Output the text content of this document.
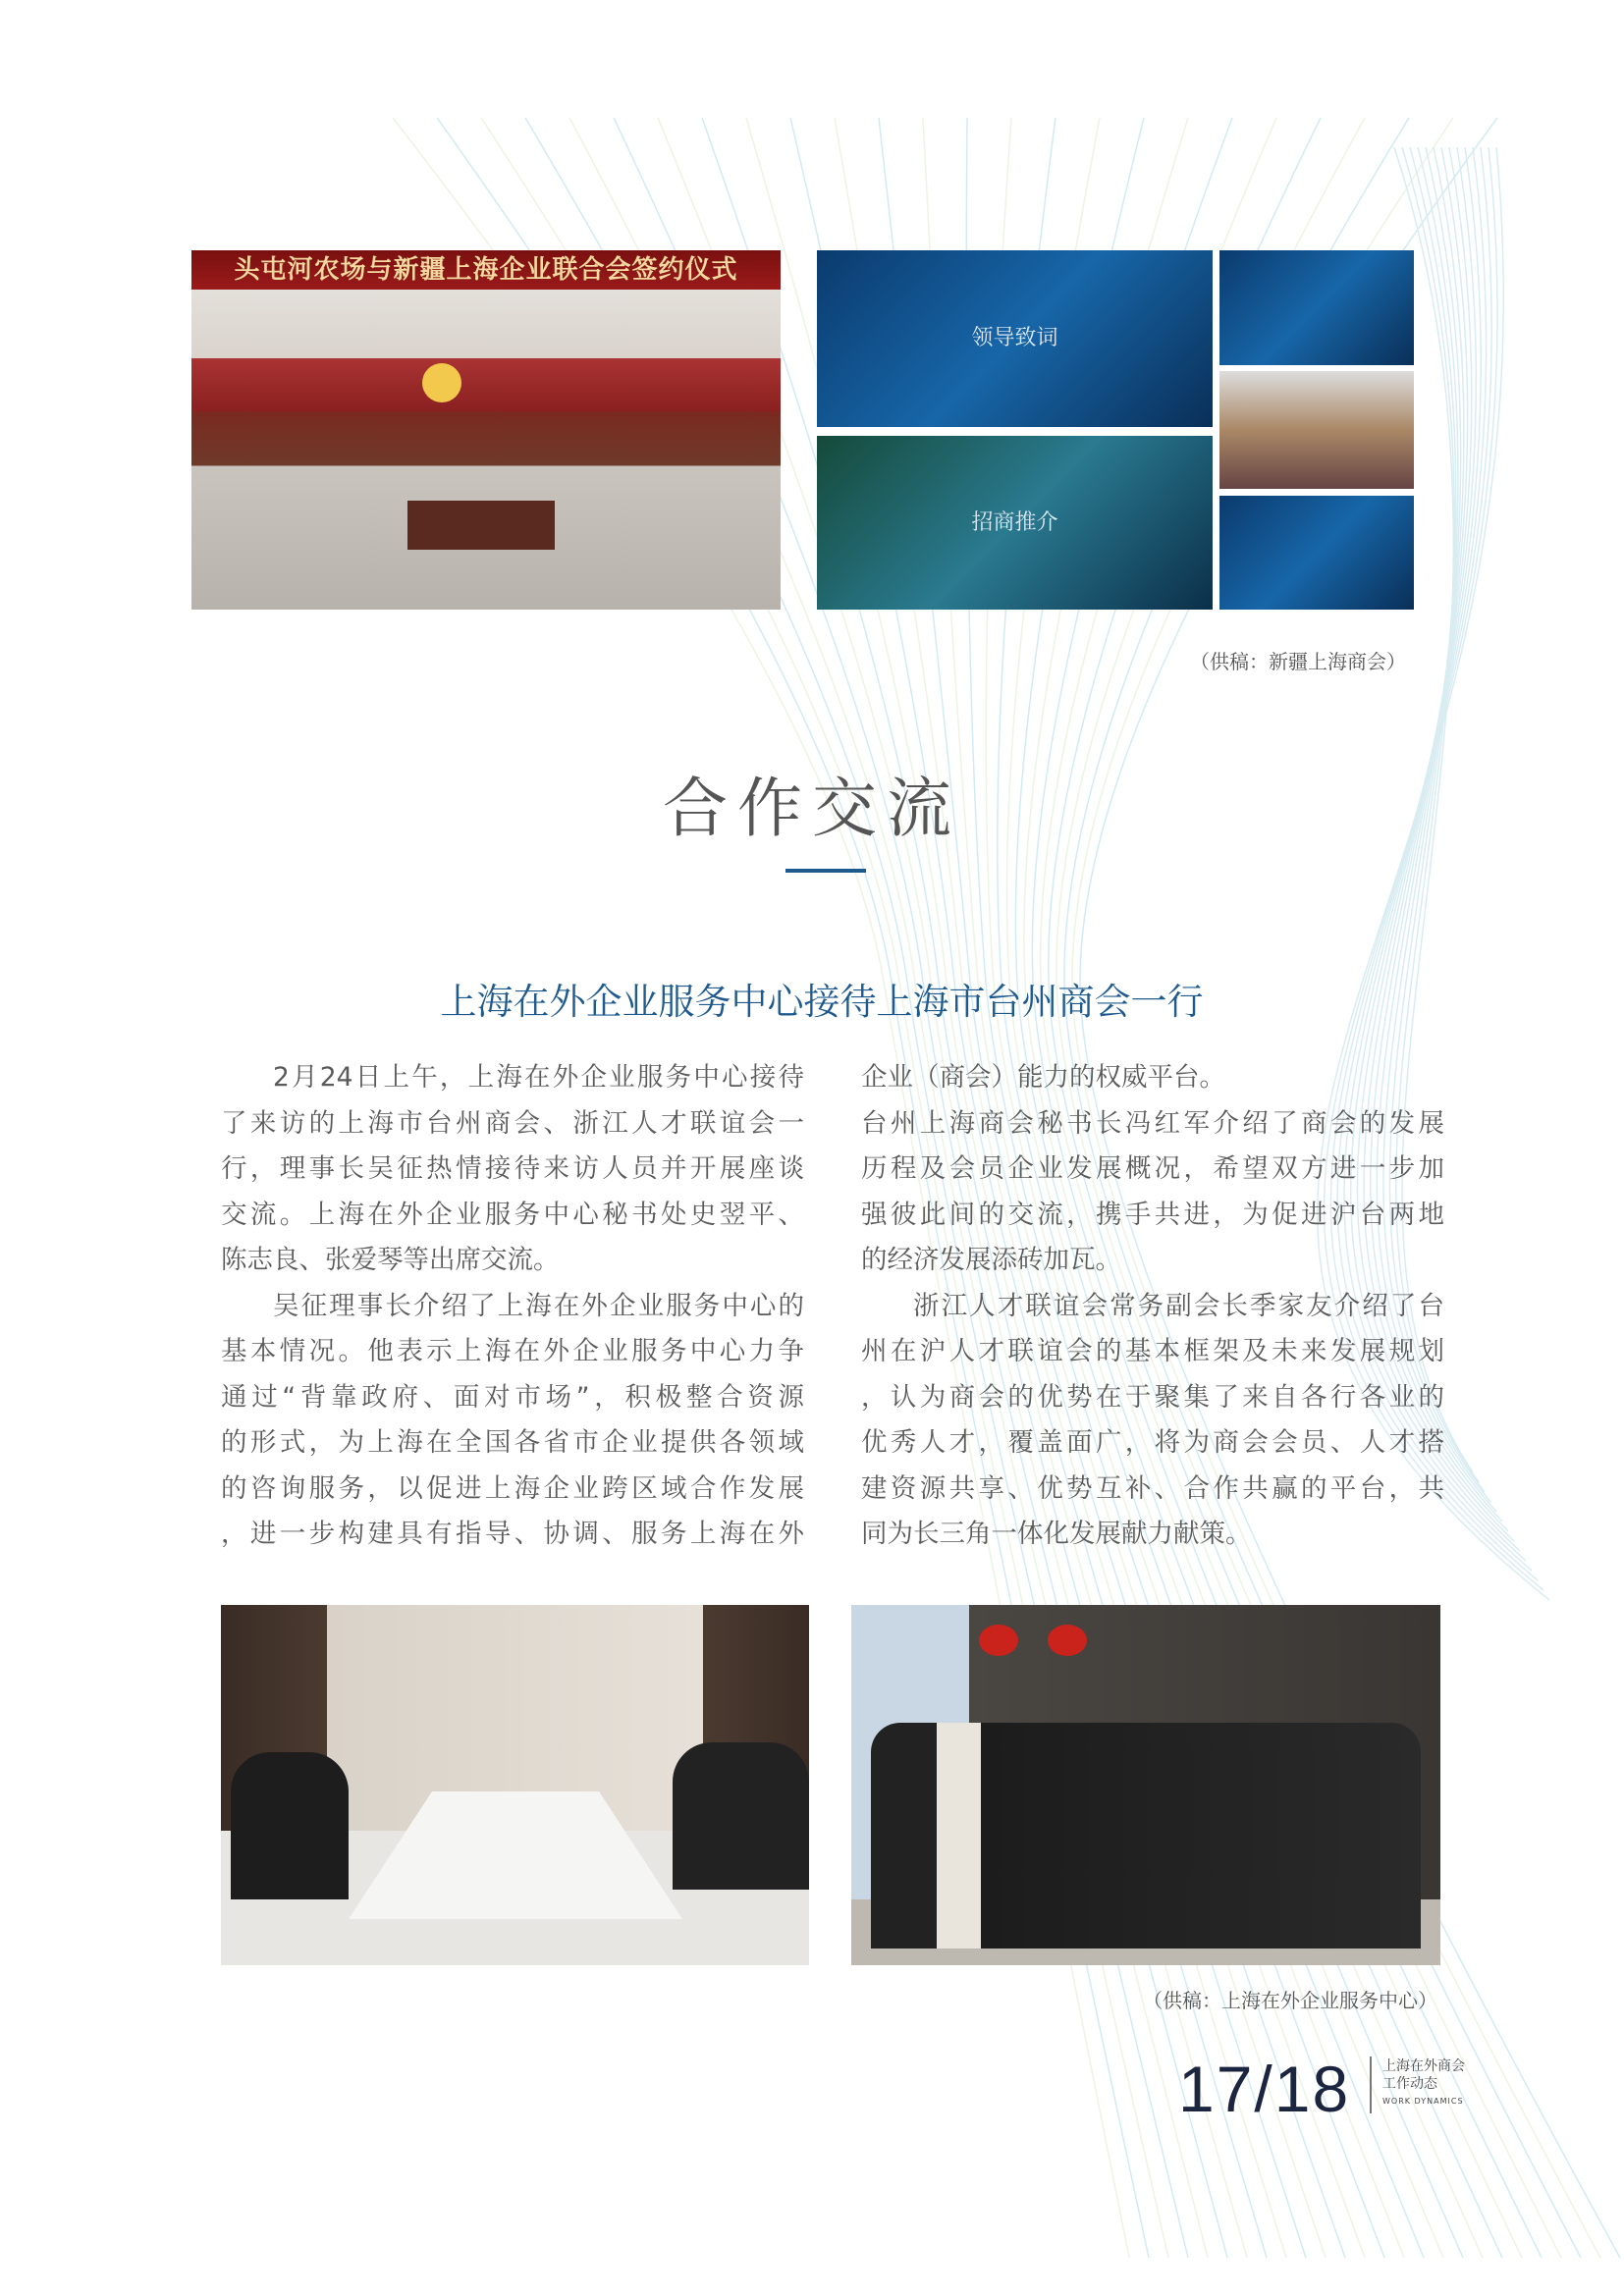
头屯河农场与新疆上海企业联合会签约仪式
领导致词
招商推介
（供稿：新疆上海商会）
合作交流
上海在外企业服务中心接待上海市台州商会一行
2月24日上午，上海在外企业服务中心接待
了来访的上海市台州商会、浙江人才联谊会一
行，理事长吴征热情接待来访人员并开展座谈
交流。上海在外企业服务中心秘书处史翌平、
陈志良、张爱琴等出席交流。
吴征理事长介绍了上海在外企业服务中心的
基本情况。他表示上海在外企业服务中心力争
通过“背靠政府、面对市场”，积极整合资源
的形式，为上海在全国各省市企业提供各领域
的咨询服务，以促进上海企业跨区域合作发展
，进一步构建具有指导、协调、服务上海在外
企业（商会）能力的权威平台。
台州上海商会秘书长冯红军介绍了商会的发展
历程及会员企业发展概况，希望双方进一步加
强彼此间的交流，携手共进，为促进沪台两地
的经济发展添砖加瓦。
浙江人才联谊会常务副会长季家友介绍了台
州在沪人才联谊会的基本框架及未来发展规划
，认为商会的优势在于聚集了来自各行各业的
优秀人才，覆盖面广，将为商会会员、人才搭
建资源共享、优势互补、合作共赢的平台，共
同为长三角一体化发展献力献策。
（供稿：上海在外企业服务中心）
17/18 上海在外商会
工作动态
WORK DYNAMICS
